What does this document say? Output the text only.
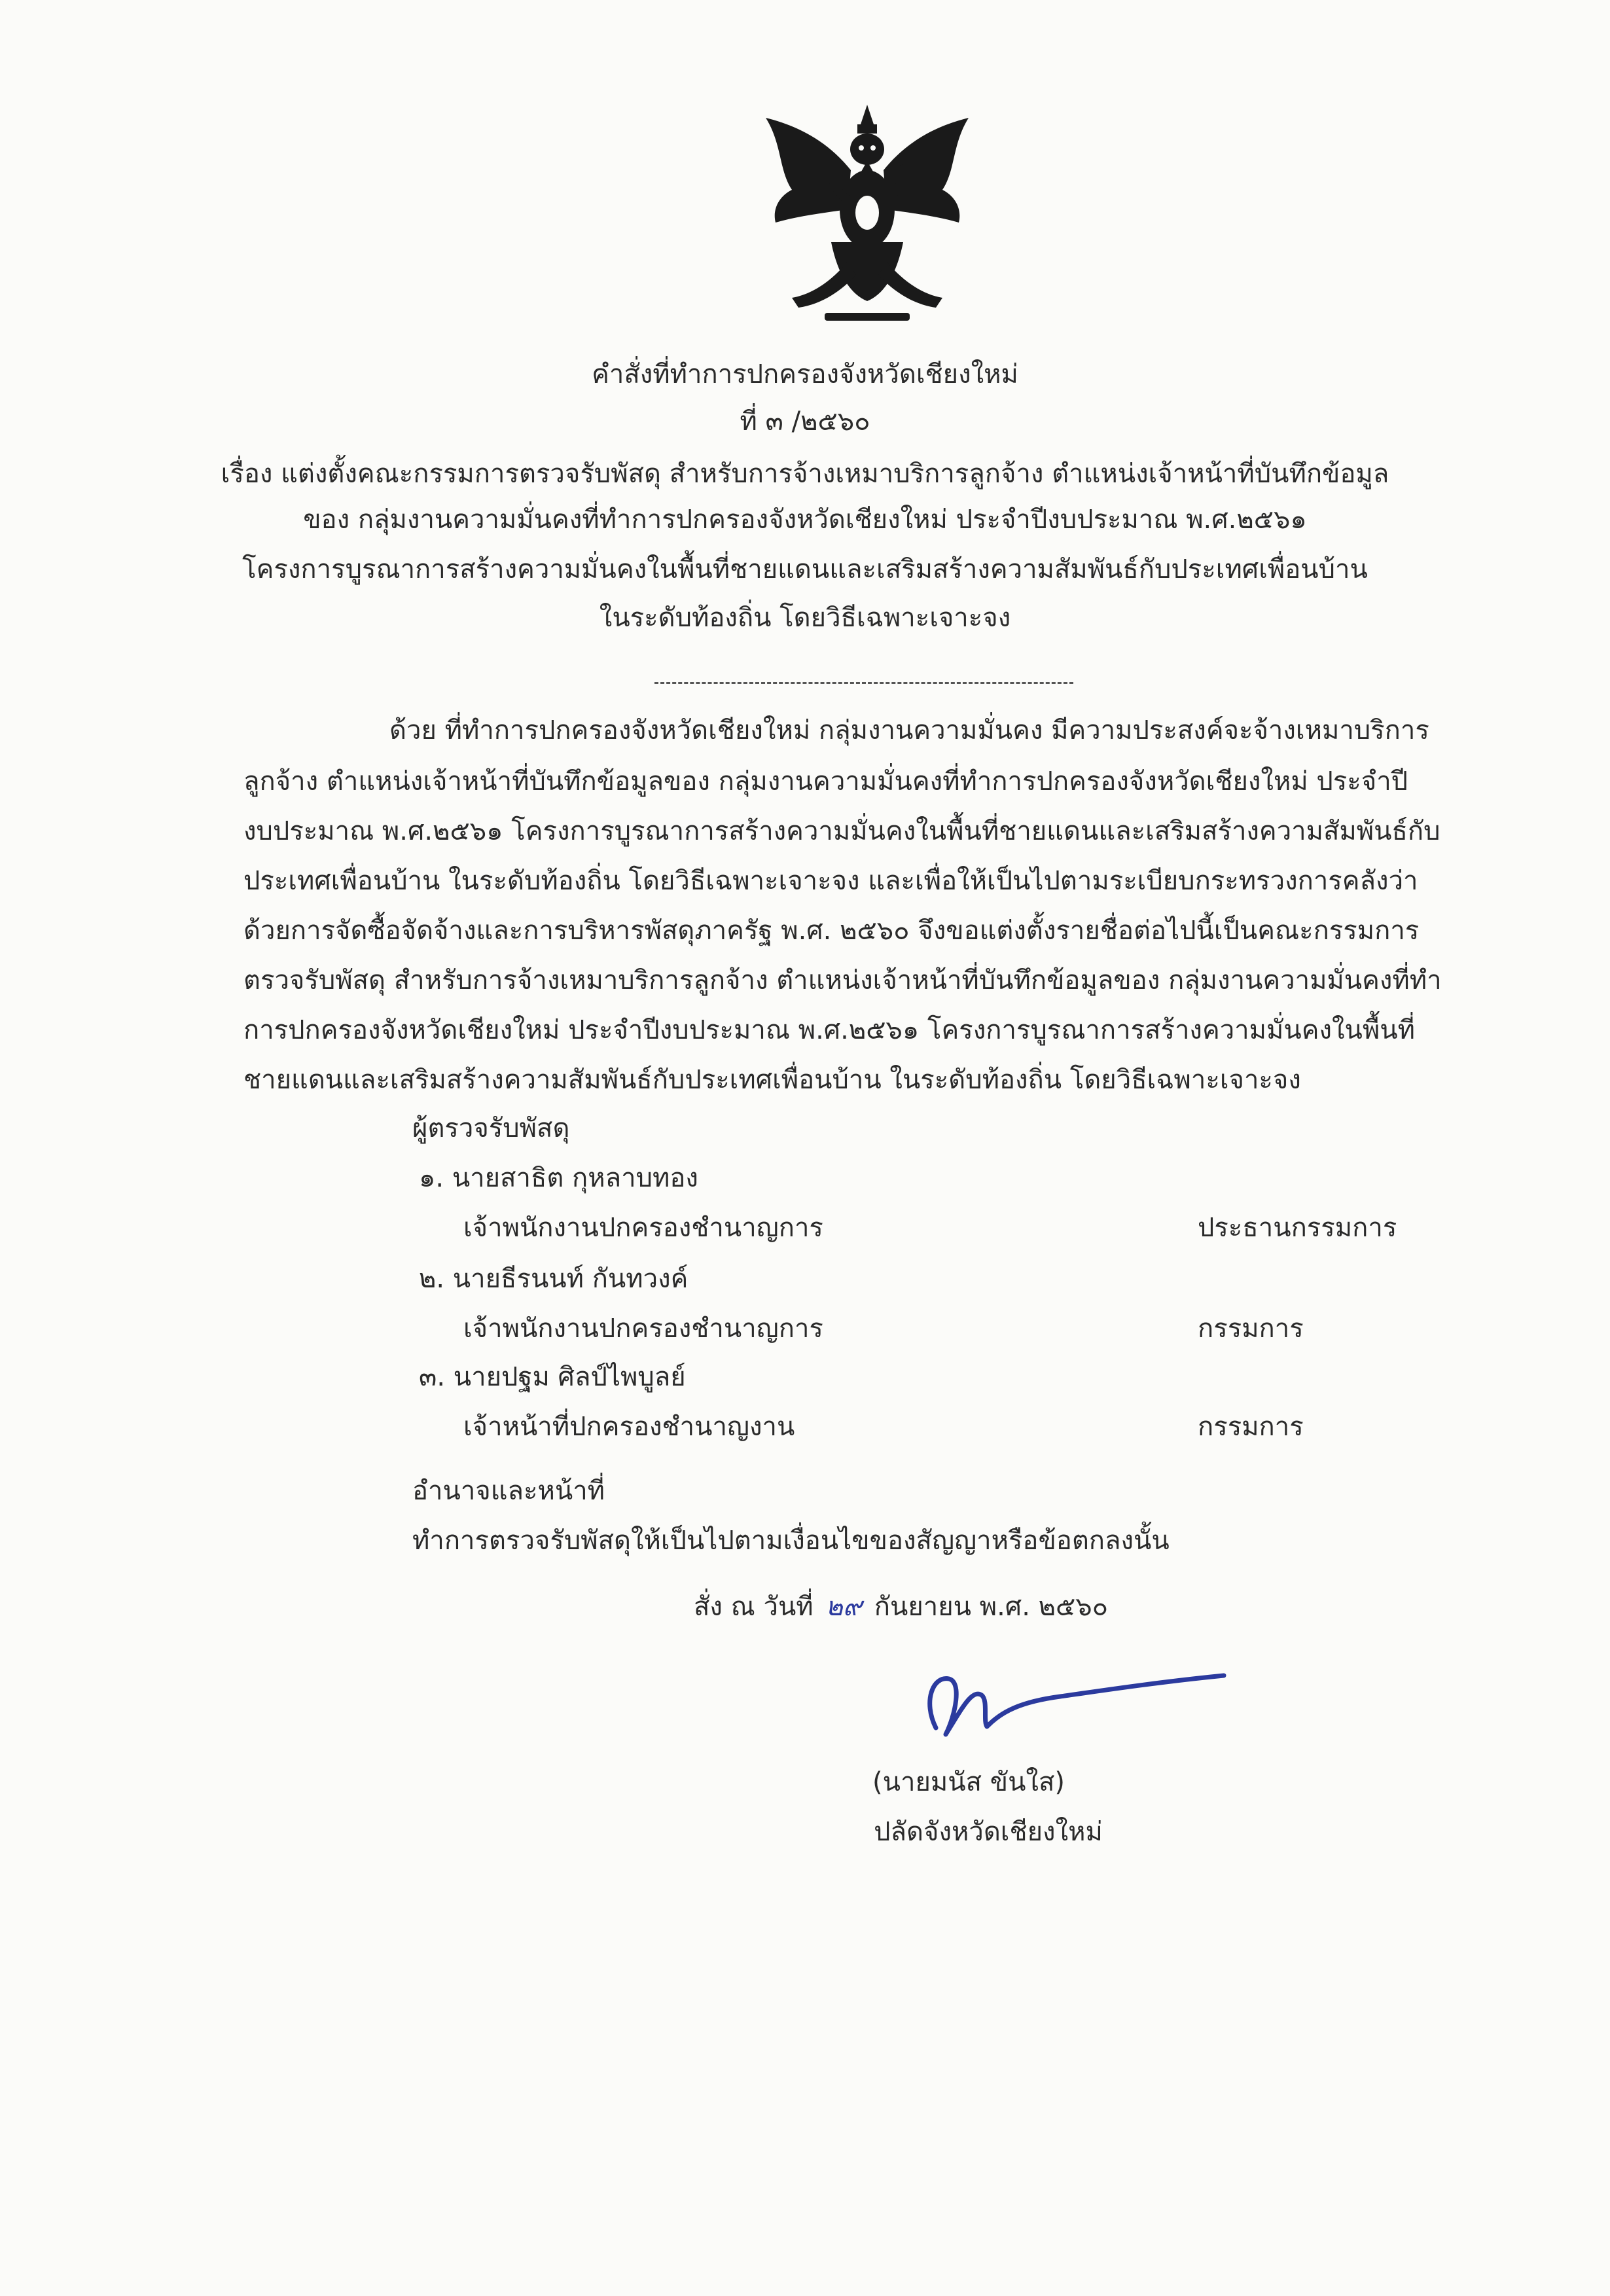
คำสั่งที่ทำการปกครองจังหวัดเชียงใหม่
ที่ ๓ /๒๕๖๐
เรื่อง แต่งตั้งคณะกรรมการตรวจรับพัสดุ สำหรับการจ้างเหมาบริการลูกจ้าง ตำแหน่งเจ้าหน้าที่บันทึกข้อมูล
ของ กลุ่มงานความมั่นคงที่ทำการปกครองจังหวัดเชียงใหม่ ประจำปีงบประมาณ พ.ศ.๒๕๖๑
โครงการบูรณาการสร้างความมั่นคงในพื้นที่ชายแดนและเสริมสร้างความสัมพันธ์กับประเทศเพื่อนบ้าน
ในระดับท้องถิ่น โดยวิธีเฉพาะเจาะจง
ด้วย ที่ทำการปกครองจังหวัดเชียงใหม่ กลุ่มงานความมั่นคง มีความประสงค์จะจ้างเหมาบริการ
ลูกจ้าง ตำแหน่งเจ้าหน้าที่บันทึกข้อมูลของ กลุ่มงานความมั่นคงที่ทำการปกครองจังหวัดเชียงใหม่ ประจำปี
งบประมาณ พ.ศ.๒๕๖๑ โครงการบูรณาการสร้างความมั่นคงในพื้นที่ชายแดนและเสริมสร้างความสัมพันธ์กับ
ประเทศเพื่อนบ้าน ในระดับท้องถิ่น โดยวิธีเฉพาะเจาะจง และเพื่อให้เป็นไปตามระเบียบกระทรวงการคลังว่า
ด้วยการจัดซื้อจัดจ้างและการบริหารพัสดุภาครัฐ พ.ศ. ๒๕๖๐ จึงขอแต่งตั้งรายชื่อต่อไปนี้เป็นคณะกรรมการ
ตรวจรับพัสดุ สำหรับการจ้างเหมาบริการลูกจ้าง ตำแหน่งเจ้าหน้าที่บันทึกข้อมูลของ กลุ่มงานความมั่นคงที่ทำ
การปกครองจังหวัดเชียงใหม่ ประจำปีงบประมาณ พ.ศ.๒๕๖๑ โครงการบูรณาการสร้างความมั่นคงในพื้นที่
ชายแดนและเสริมสร้างความสัมพันธ์กับประเทศเพื่อนบ้าน ในระดับท้องถิ่น โดยวิธีเฉพาะเจาะจง
ผู้ตรวจรับพัสดุ
๑. นายสาธิต กุหลาบทอง
เจ้าพนักงานปกครองชำนาญการ	ประธานกรรมการ
๒. นายธีรนนท์ กันทวงค์
เจ้าพนักงานปกครองชำนาญการ	กรรมการ
๓. นายปฐม ศิลป์ไพบูลย์
เจ้าหน้าที่ปกครองชำนาญงาน	กรรมการ
อำนาจและหน้าที่
ทำการตรวจรับพัสดุให้เป็นไปตามเงื่อนไขของสัญญาหรือข้อตกลงนั้น
สั่ง ณ วันที่ ๒๙ กันยายน พ.ศ. ๒๕๖๐
(นายมนัส ขันใส)
ปลัดจังหวัดเชียงใหม่
